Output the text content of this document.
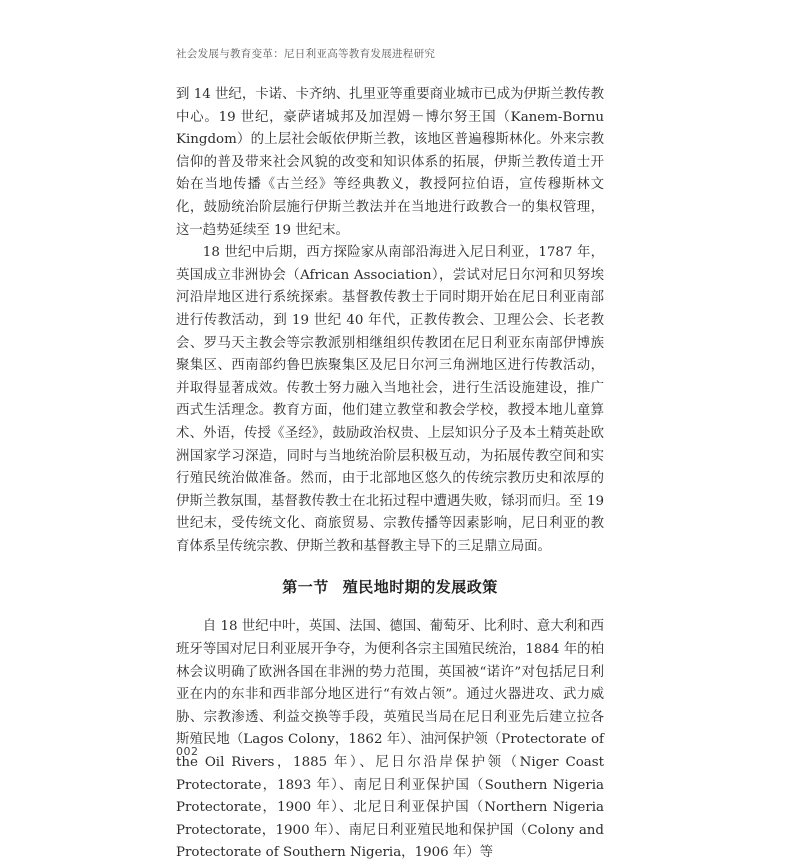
社会发展与教育变革：尼日利亚高等教育发展进程研究

到 14 世纪，卡诺、卡齐纳、扎里亚等重要商业城市已成为伊斯兰教传教中心。19 世纪，豪萨诸城邦及加涅姆－博尔努王国（Kanem-Bornu Kingdom）的上层社会皈依伊斯兰教，该地区普遍穆斯林化。外来宗教信仰的普及带来社会风貌的改变和知识体系的拓展，伊斯兰教传道士开始在当地传播《古兰经》等经典教义，教授阿拉伯语，宣传穆斯林文化，鼓励统治阶层施行伊斯兰教法并在当地进行政教合一的集权管理，这一趋势延续至 19 世纪末。

18 世纪中后期，西方探险家从南部沿海进入尼日利亚，1787 年，英国成立非洲协会（African Association），尝试对尼日尔河和贝努埃河沿岸地区进行系统探索。基督教传教士于同时期开始在尼日利亚南部进行传教活动，到 19 世纪 40 年代，正教传教会、卫理公会、长老教会、罗马天主教会等宗教派别相继组织传教团在尼日利亚东南部伊博族聚集区、西南部约鲁巴族聚集区及尼日尔河三角洲地区进行传教活动，并取得显著成效。传教士努力融入当地社会，进行生活设施建设，推广西式生活理念。教育方面，他们建立教堂和教会学校，教授本地儿童算术、外语，传授《圣经》，鼓励政治权贵、上层知识分子及本土精英赴欧洲国家学习深造，同时与当地统治阶层积极互动，为拓展传教空间和实行殖民统治做准备。然而，由于北部地区悠久的传统宗教历史和浓厚的伊斯兰教氛围，基督教传教士在北拓过程中遭遇失败，铩羽而归。至 19 世纪末，受传统文化、商旅贸易、宗教传播等因素影响，尼日利亚的教育体系呈传统宗教、伊斯兰教和基督教主导下的三足鼎立局面。

第一节 殖民地时期的发展政策

自 18 世纪中叶，英国、法国、德国、葡萄牙、比利时、意大利和西班牙等国对尼日利亚展开争夺，为便利各宗主国殖民统治，1884 年的柏林会议明确了欧洲各国在非洲的势力范围，英国被“诺许”对包括尼日利亚在内的东非和西非部分地区进行“有效占领”。通过火器进攻、武力威胁、宗教渗透、利益交换等手段，英殖民当局在尼日利亚先后建立拉各斯殖民地（Lagos Colony，1862 年）、油河保护领（Protectorate of the Oil Rivers，1885 年）、尼日尔沿岸保护领（Niger Coast Protectorate，1893 年）、南尼日利亚保护国（Southern Nigeria Protectorate，1900 年）、北尼日利亚保护国（Northern Nigeria Protectorate，1900 年）、南尼日利亚殖民地和保护国（Colony and Protectorate of Southern Nigeria，1906 年）等

002
